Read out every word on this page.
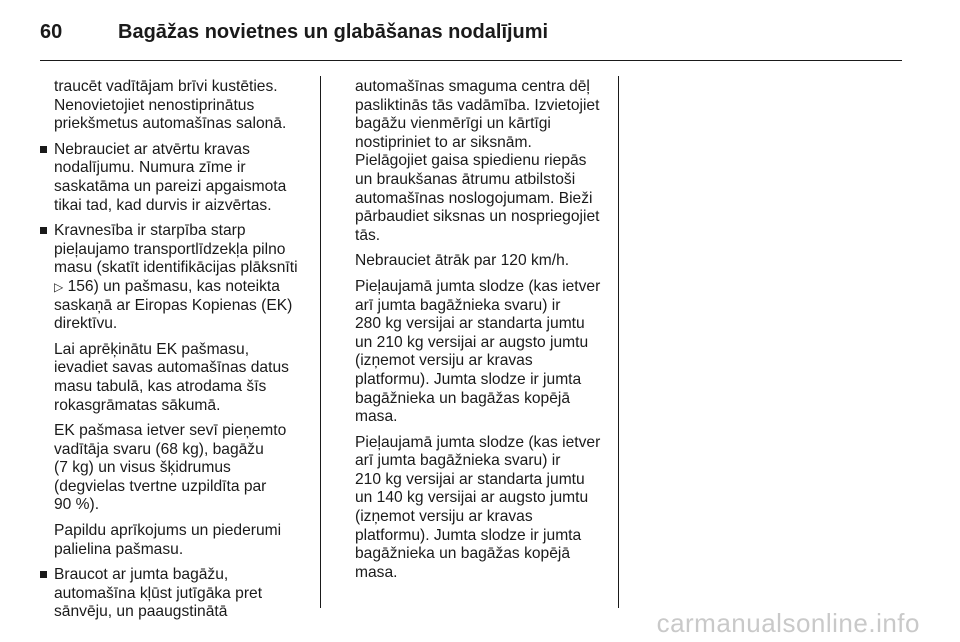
60	Bagāžas novietnes un glabāšanas nodalījumi

traucēt vadītājam brīvi kustēties.
Nenovietojiet nenostiprinātus
priekšmetus automašīnas salonā.

Nebrauciet ar atvērtu kravas
nodalījumu. Numura zīme ir
saskatāma un pareizi apgaismota
tikai tad, kad durvis ir aizvērtas.
Kravnesība ir starpība starp
pieļaujamo transportlīdzekļa pilno
masu (skatīt identifikācijas plāksnīti
▷ 156) un pašmasu, kas noteikta
saskaņā ar Eiropas Kopienas (EK)
direktīvu.

Lai aprēķinātu EK pašmasu,
ievadiet savas automašīnas datus
masu tabulā, kas atrodama šīs
rokasgrāmatas sākumā.

EK pašmasa ietver sevī pieņemto
vadītāja svaru (68 kg), bagāžu
(7 kg) un visus šķidrumus
(degvielas tvertne uzpildīta par
90 %).

Papildu aprīkojums un piederumi
palielina pašmasu.

Braucot ar jumta bagāžu,
automašīna kļūst jutīgāka pret
sānvēju, un paaugstinātā

automašīnas smaguma centra dēļ
pasliktinās tās vadāmība. Izvietojiet
bagāžu vienmērīgi un kārtīgi
nostipriniet to ar siksnām.
Pielāgojiet gaisa spiedienu riepās
un braukšanas ātrumu atbilstoši
automašīnas noslogojumam. Bieži
pārbaudiet siksnas un nospriegojiet
tās.

Nebrauciet ātrāk par 120 km/h.

Pieļaujamā jumta slodze (kas ietver
arī jumta bagāžnieka svaru) ir
280 kg versijai ar standarta jumtu
un 210 kg versijai ar augsto jumtu
(izņemot versiju ar kravas
platformu). Jumta slodze ir jumta
bagāžnieka un bagāžas kopējā
masa.

Pieļaujamā jumta slodze (kas ietver
arī jumta bagāžnieka svaru) ir
210 kg versijai ar standarta jumtu
un 140 kg versijai ar augsto jumtu
(izņemot versiju ar kravas
platformu). Jumta slodze ir jumta
bagāžnieka un bagāžas kopējā
masa.

carmanualsonline.info
